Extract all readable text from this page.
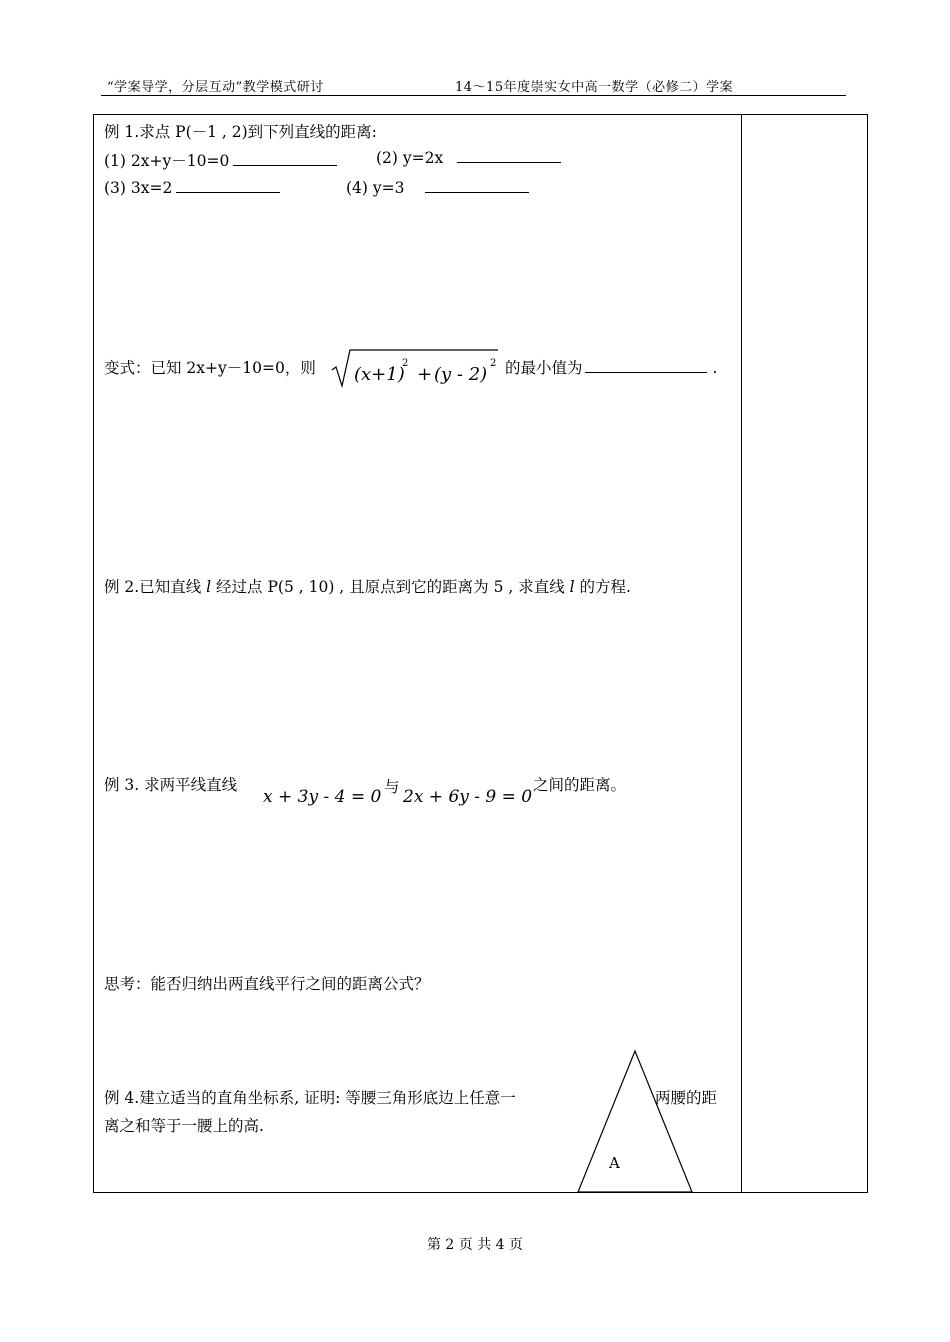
“学案导学，分层互动”教学模式研讨	14～15年度崇实女中高一数学（必修二）学案
例 1.求点 P(－1 , 2)到下列直线的距离:
(1) 2x+y－10=0	(2) y=2x
(3) 3x=2	(4) y=3
变式：已知 2x+y－10=0，则 (x+1)
2
+ (y - 2)
2 的最小值为	.
例 2.已知直线 l 经过点 P(5 , 10) , 且原点到它的距离为 5 , 求直线 l 的方程.
例 3. 求两平线直线
x + 3y - 4 = 0 与 2x + 6y - 9 = 0
之间的距离。
思考：能否归纳出两直线平行之间的距离公式？
例 4.建立适当的直角坐标系, 证明: 等腰三角形底边上任意一	两腰的距
离之和等于一腰上的高.
A
第 2 页 共 4 页
